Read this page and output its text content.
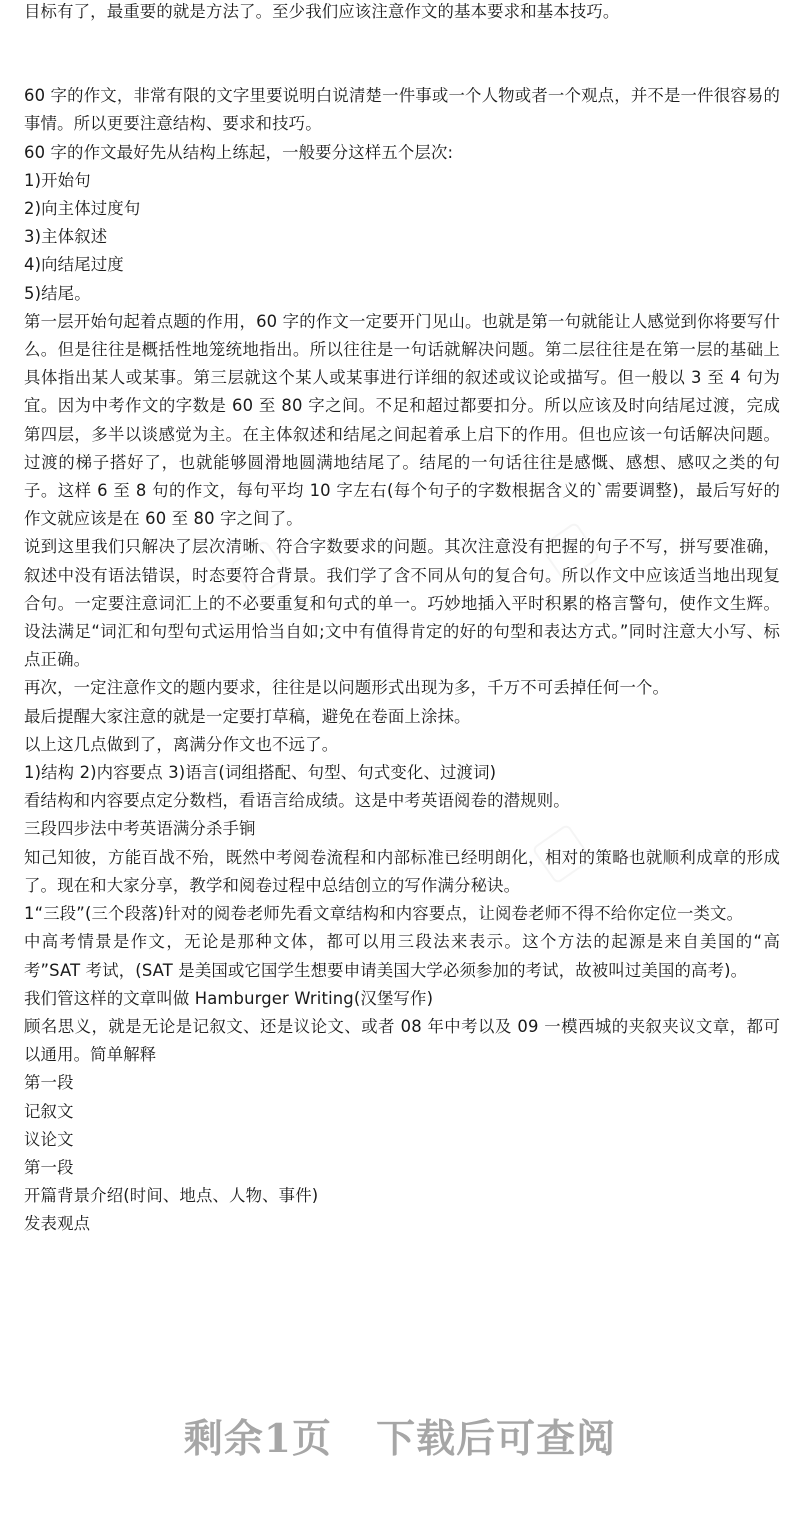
目标有了，最重要的就是方法了。至少我们应该注意作文的基本要求和基本技巧。

60 字的作文，非常有限的文字里要说明白说清楚一件事或一个人物或者一个观点，并不是一件很容易的事情。所以更要注意结构、要求和技巧。

60 字的作文最好先从结构上练起，一般要分这样五个层次:

1)开始句

2)向主体过度句

3)主体叙述

4)向结尾过度

5)结尾。

第一层开始句起着点题的作用，60 字的作文一定要开门见山。也就是第一句就能让人感觉到你将要写什么。但是往往是概括性地笼统地指出。所以往往是一句话就解决问题。第二层往往是在第一层的基础上具体指出某人或某事。第三层就这个某人或某事进行详细的叙述或议论或描写。但一般以 3 至 4 句为宜。因为中考作文的字数是 60 至 80 字之间。不足和超过都要扣分。所以应该及时向结尾过渡，完成第四层，多半以谈感觉为主。在主体叙述和结尾之间起着承上启下的作用。但也应该一句话解决问题。过渡的梯子搭好了，也就能够圆滑地圆满地结尾了。结尾的一句话往往是感慨、感想、感叹之类的句子。这样 6 至 8 句的作文，每句平均 10 字左右(每个句子的字数根据含义的`需要调整)，最后写好的作文就应该是在 60 至 80 字之间了。

说到这里我们只解决了层次清晰、符合字数要求的问题。其次注意没有把握的句子不写，拼写要准确，叙述中没有语法错误，时态要符合背景。我们学了含不同从句的复合句。所以作文中应该适当地出现复合句。一定要注意词汇上的不必要重复和句式的单一。巧妙地插入平时积累的格言警句，使作文生辉。设法满足“词汇和句型句式运用恰当自如;文中有值得肯定的好的句型和表达方式。”同时注意大小写、标点正确。

再次，一定注意作文的题内要求，往往是以问题形式出现为多，千万不可丢掉任何一个。

最后提醒大家注意的就是一定要打草稿，避免在卷面上涂抹。

以上这几点做到了，离满分作文也不远了。

1)结构 2)内容要点 3)语言(词组搭配、句型、句式变化、过渡词)

看结构和内容要点定分数档，看语言给成绩。这是中考英语阅卷的潜规则。

三段四步法中考英语满分杀手锏

知己知彼，方能百战不殆，既然中考阅卷流程和内部标准已经明朗化，相对的策略也就顺利成章的形成了。现在和大家分享，教学和阅卷过程中总结创立的写作满分秘诀。

1“三段”(三个段落)针对的阅卷老师先看文章结构和内容要点，让阅卷老师不得不给你定位一类文。

中高考情景是作文，无论是那种文体，都可以用三段法来表示。这个方法的起源是来自美国的“高考”SAT 考试，(SAT 是美国或它国学生想要申请美国大学必须参加的考试，故被叫过美国的高考)。

我们管这样的文章叫做 Hamburger Writing(汉堡写作)

顾名思义，就是无论是记叙文、还是议论文、或者 08 年中考以及 09 一模西城的夹叙夹议文章，都可以通用。简单解释

第一段

记叙文

议论文

第一段

开篇背景介绍(时间、地点、人物、事件)

发表观点

剩余1页 下载后可查阅
